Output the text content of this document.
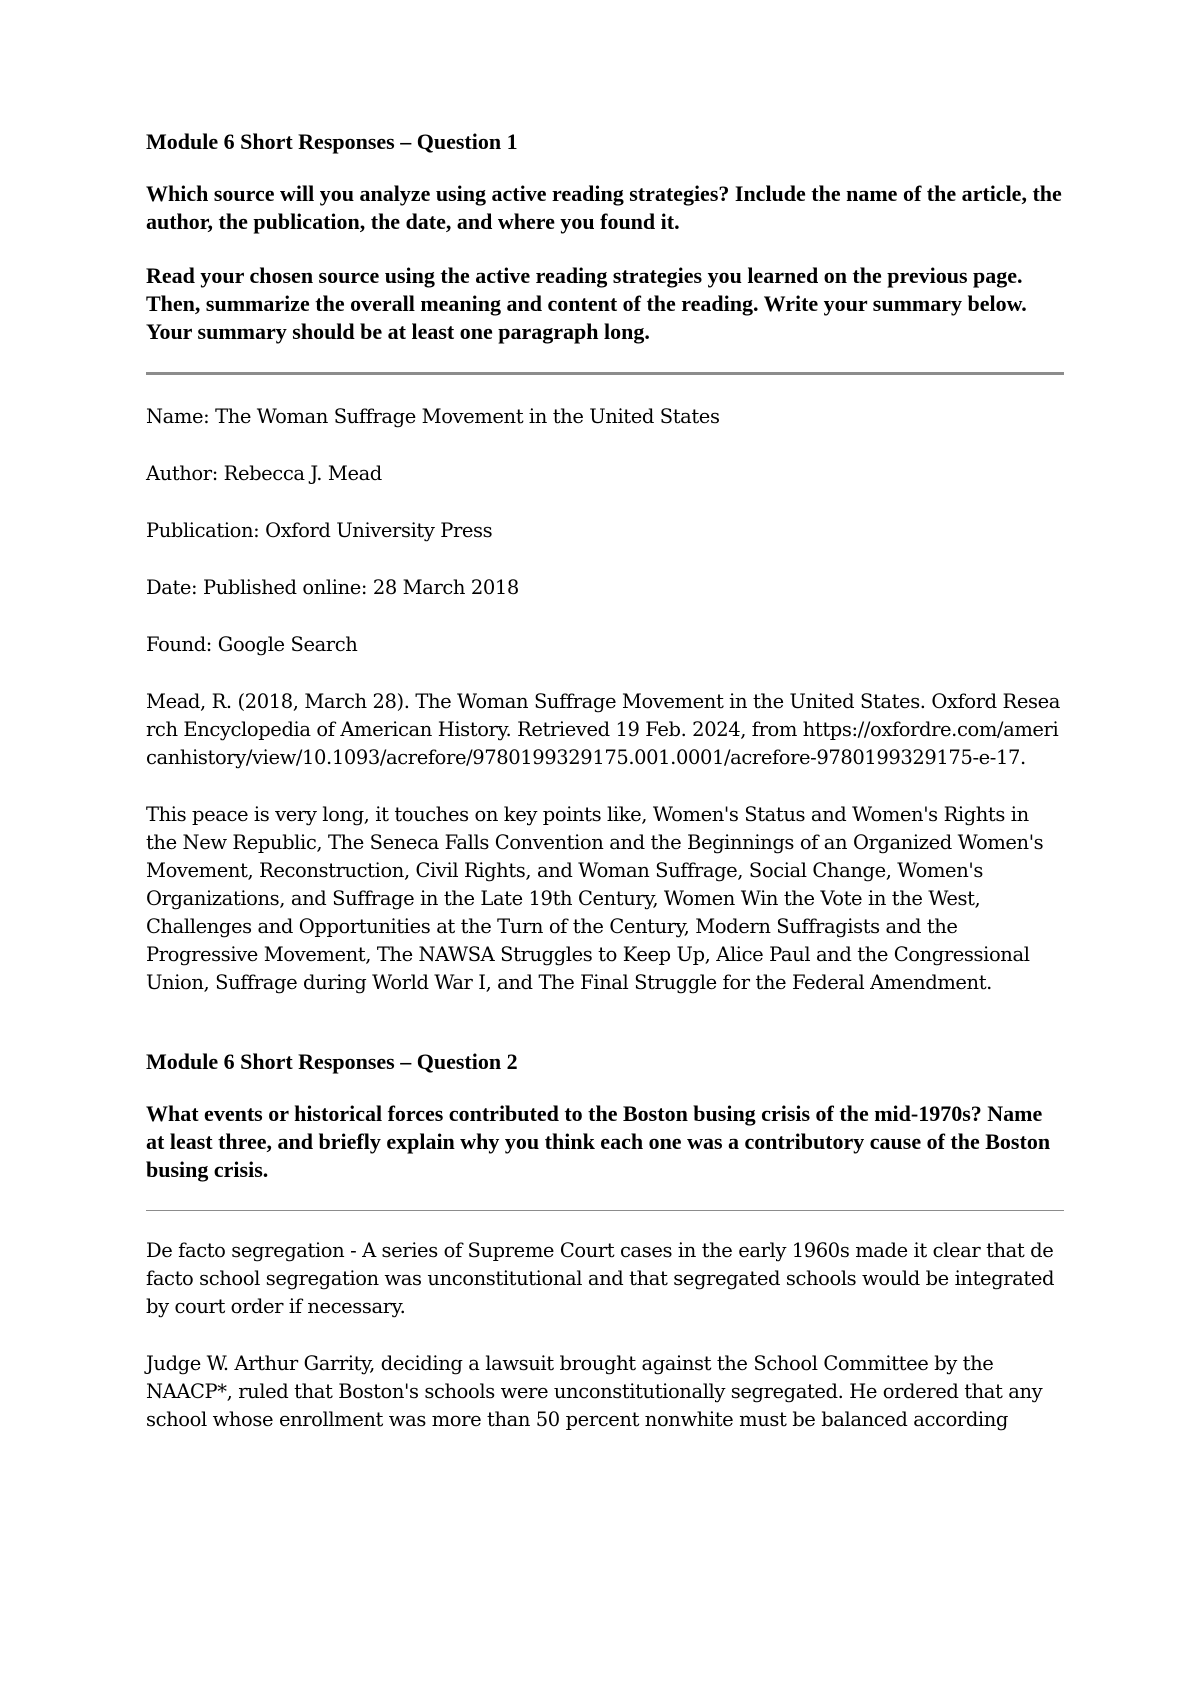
Module 6 Short Responses – Question 1

Which source will you analyze using active reading strategies? Include the name of the article, the author, the publication, the date, and where you found it.

Read your chosen source using the active reading strategies you learned on the previous page. Then, summarize the overall meaning and content of the reading. Write your summary below. Your summary should be at least one paragraph long.

Name: The Woman Suffrage Movement in the United States

Author: Rebecca J. Mead

Publication: Oxford University Press

Date: Published online: 28 March 2018

Found: Google Search

Mead, R. (2018, March 28). The Woman Suffrage Movement in the United States. Oxford Research Encyclopedia of American History. Retrieved 19 Feb. 2024, from https://oxfordre.com/americanhistory/view/10.1093/acrefore/9780199329175.001.0001/acrefore-9780199329175-e-17.

This peace is very long, it touches on key points like, Women's Status and Women's Rights in the New Republic, The Seneca Falls Convention and the Beginnings of an Organized Women's Movement, Reconstruction, Civil Rights, and Woman Suffrage, Social Change, Women's Organizations, and Suffrage in the Late 19th Century, Women Win the Vote in the West, Challenges and Opportunities at the Turn of the Century, Modern Suffragists and the Progressive Movement, The NAWSA Struggles to Keep Up, Alice Paul and the Congressional Union, Suffrage during World War I, and The Final Struggle for the Federal Amendment.

Module 6 Short Responses – Question 2

What events or historical forces contributed to the Boston busing crisis of the mid-1970s? Name at least three, and briefly explain why you think each one was a contributory cause of the Boston busing crisis.

De facto segregation - A series of Supreme Court cases in the early 1960s made it clear that de facto school segregation was unconstitutional and that segregated schools would be integrated by court order if necessary.

Judge W. Arthur Garrity, deciding a lawsuit brought against the School Committee by the NAACP*, ruled that Boston's schools were unconstitutionally segregated. He ordered that any school whose enrollment was more than 50 percent nonwhite must be balanced according
